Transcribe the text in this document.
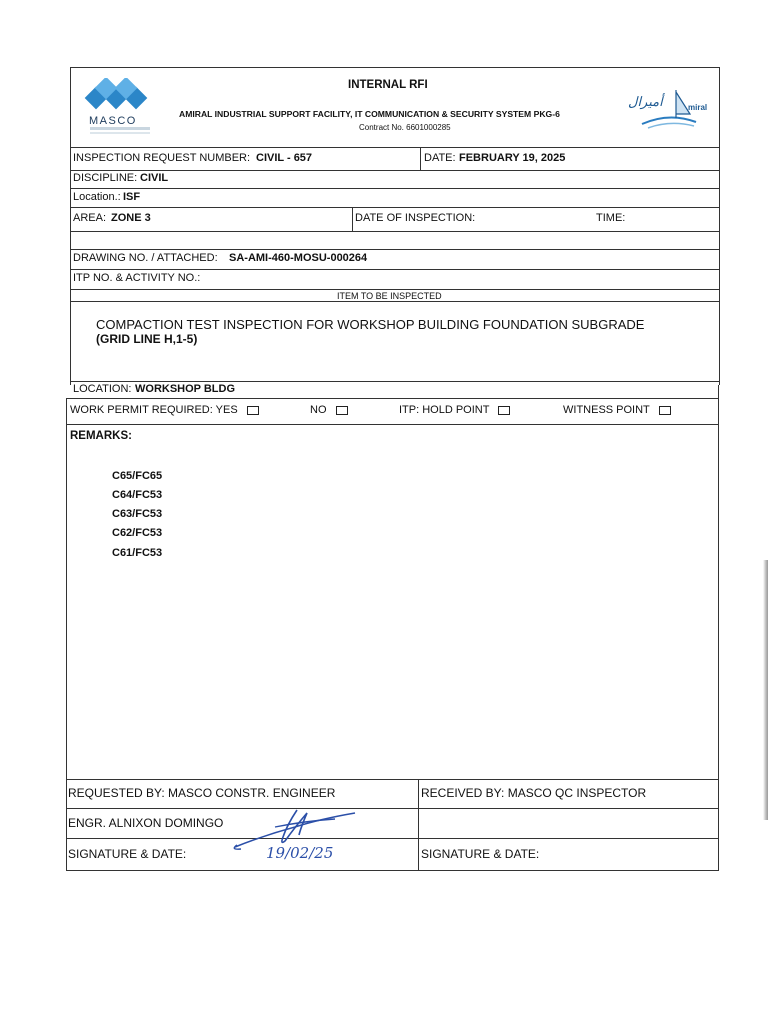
MASCO
INTERNAL RFI
AMIRAL INDUSTRIAL SUPPORT FACILITY, IT COMMUNICATION & SECURITY SYSTEM PKG-6
Contract No. 6601000285
أميرال	miral
INSPECTION REQUEST NUMBER: CIVIL - 657	DATE: FEBRUARY 19, 2025
DISCIPLINE: CIVIL
Location.: ISF
AREA: ZONE 3	DATE OF INSPECTION:	TIME:
DRAWING NO. / ATTACHED: SA-AMI-460-MOSU-000264
ITP NO. & ACTIVITY NO.:
ITEM TO BE INSPECTED
COMPACTION TEST INSPECTION FOR WORKSHOP BUILDING FOUNDATION SUBGRADE
(GRID LINE H,1-5)
LOCATION: WORKSHOP BLDG
WORK PERMIT REQUIRED: YES	NO	ITP: HOLD POINT	WITNESS POINT
REMARKS:
C65/FC65
C64/FC53
C63/FC53
C62/FC53
C61/FC53
REQUESTED BY: MASCO CONSTR. ENGINEER	RECEIVED BY: MASCO QC INSPECTOR
ENGR. ALNIXON DOMINGO
SIGNATURE & DATE:	SIGNATURE & DATE:
19/02/25
